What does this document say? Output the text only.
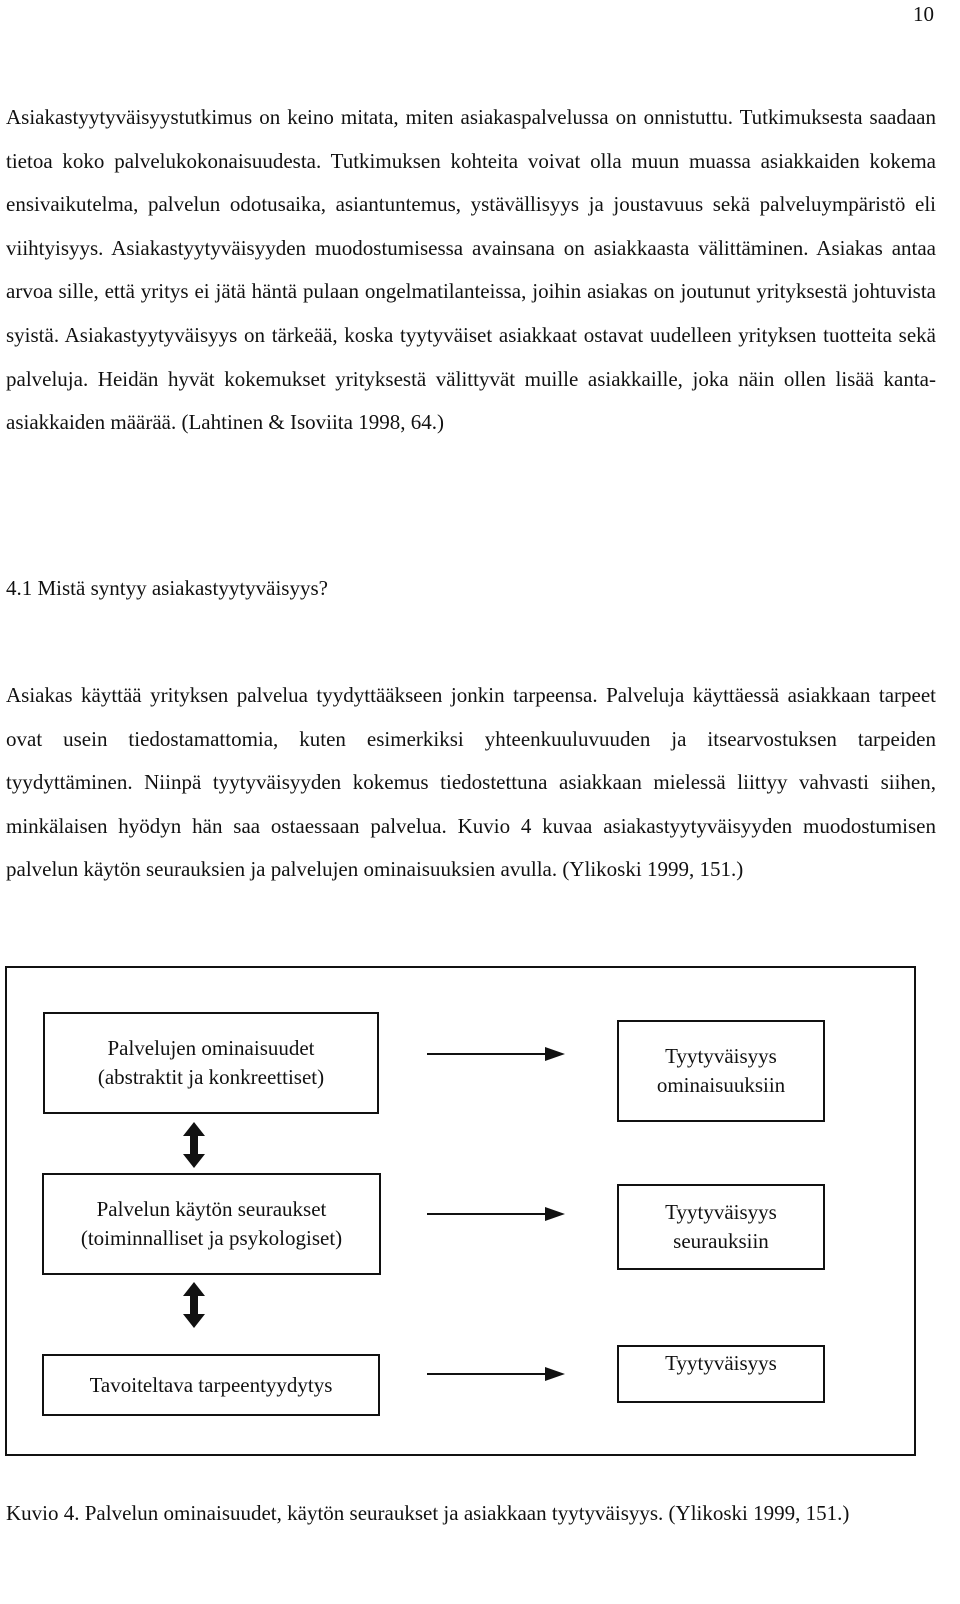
10

Asiakastyytyväisyystutkimus on keino mitata, miten asiakaspalvelussa on onnistuttu. Tutkimuksesta saadaan tietoa koko palvelukokonaisuudesta. Tutkimuksen kohteita voivat olla muun muassa asiakkaiden kokema ensivaikutelma, palvelun odotusaika, asiantuntemus, ystävällisyys ja joustavuus sekä palveluympäristö eli viihtyisyys. Asiakastyytyväisyyden muodostumisessa avainsana on asiakkaasta välittäminen. Asiakas antaa arvoa sille, että yritys ei jätä häntä pulaan ongelmatilanteissa, joihin asiakas on joutunut yrityksestä johtuvista syistä. Asiakastyytyväisyys on tärkeää, koska tyytyväiset asiakkaat ostavat uudelleen yrityksen tuotteita sekä palveluja. Heidän hyvät kokemukset yrityksestä välittyvät muille asiakkaille, joka näin ollen lisää kanta-asiakkaiden määrää. (Lahtinen & Isoviita 1998, 64.)

4.1 Mistä syntyy asiakastyytyväisyys?

Asiakas käyttää yrityksen palvelua tyydyttääkseen jonkin tarpeensa. Palveluja käyttäessä asiakkaan tarpeet ovat usein tiedostamattomia, kuten esimerkiksi yhteenkuuluvuuden ja itsearvostuksen tarpeiden tyydyttäminen. Niinpä tyytyväisyyden kokemus tiedostettuna asiakkaan mielessä liittyy vahvasti siihen, minkälaisen hyödyn hän saa ostaessaan palvelua. Kuvio 4 kuvaa asiakastyytyväisyyden muodostumisen palvelun käytön seurauksien ja palvelujen ominaisuuksien avulla. (Ylikoski 1999, 151.)

Palvelujen ominaisuudet
(abstraktit ja konkreettiset)
Palvelun käytön seuraukset
(toiminnalliset ja psykologiset)
Tavoiteltava tarpeentyydytys
Tyytyväisyys
ominaisuuksiin
Tyytyväisyys
seurauksiin
Tyytyväisyys

Kuvio 4. Palvelun ominaisuudet, käytön seuraukset ja asiakkaan tyytyväisyys. (Ylikoski 1999, 151.)
